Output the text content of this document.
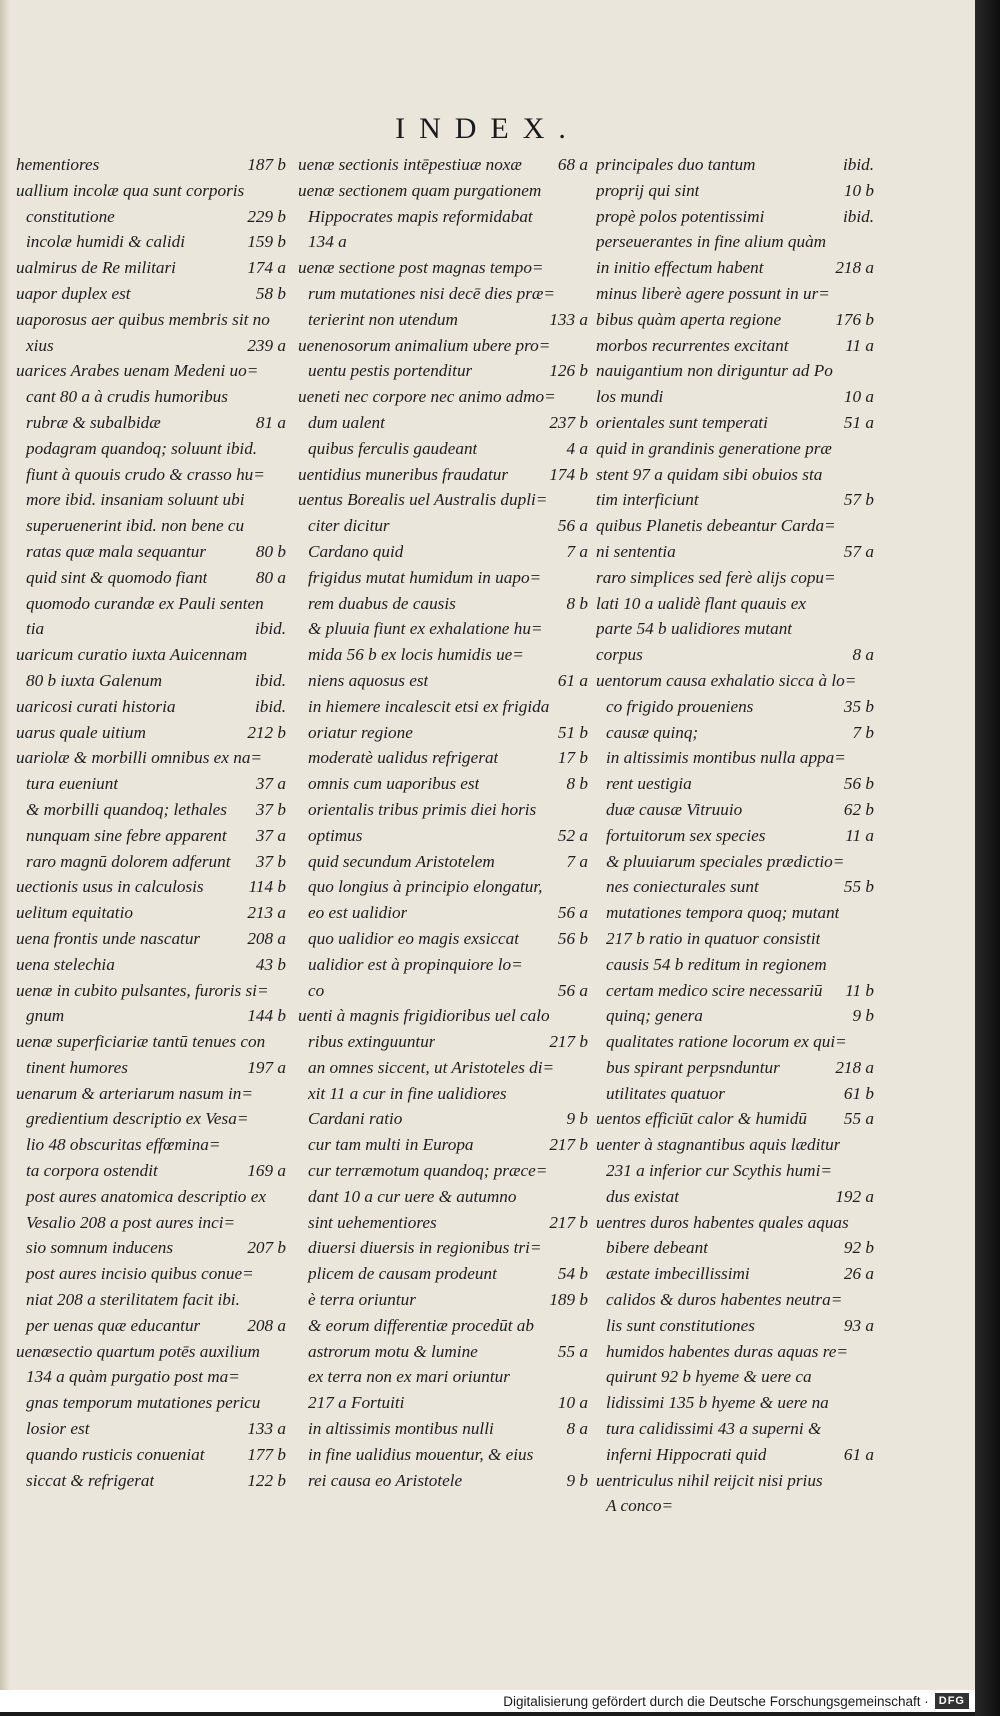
INDEX.
hementiores	187 b
uallium incolæ qua sunt corporis
constitutione	229 b
incolæ humidi & calidi	159 b
ualmirus de Re militari	174 a
uapor duplex est	58 b
uaporosus aer quibus membris sit no
xius	239 a
uarices Arabes uenam Medeni uo=
cant 80 a à crudis humoribus
rubræ & subalbidæ	81 a
podagram quandoq; soluunt ibid.
fiunt à quouis crudo & crasso hu=
more ibid. insaniam soluunt ubi
superuenerint ibid. non bene cu
ratas quæ mala sequantur	80 b
quid sint & quomodo fiant	80 a
quomodo curandæ ex Pauli senten
tia	ibid.
uaricum curatio iuxta Auicennam
80 b iuxta Galenum	ibid.
uaricosi curati historia	ibid.
uarus quale uitium	212 b
uariolæ & morbilli omnibus ex na=
tura eueniunt	37 a
& morbilli quandoq; lethales	37 b
nunquam sine febre apparent	37 a
raro magnū dolorem adferunt	37 b
uectionis usus in calculosis	114 b
uelitum equitatio	213 a
uena frontis unde nascatur	208 a
uena stelechia	43 b
uenæ in cubito pulsantes, furoris si=
gnum	144 b
uenæ superficiariæ tantū tenues con
tinent humores	197 a
uenarum & arteriarum nasum in=
gredientium descriptio ex Vesa=
lio 48 obscuritas effœmina=
ta corpora ostendit	169 a
post aures anatomica descriptio ex
Vesalio 208 a post aures inci=
sio somnum inducens	207 b
post aures incisio quibus conue=
niat 208 a sterilitatem facit ibi.
per uenas quæ educantur	208 a
uenæsectio quartum potēs auxilium
134 a quàm purgatio post ma=
gnas temporum mutationes pericu
losior est	133 a
quando rusticis conueniat	177 b
siccat & refrigerat	122 b
uenæ sectionis intēpestiuæ noxæ	68 a
uenæ sectionem quam purgationem
Hippocrates mapis reformidabat
134 a
uenæ sectione post magnas tempo=
rum mutationes nisi decē dies præ=
terierint non utendum	133 a
uenenosorum animalium ubere pro=
uentu pestis portenditur	126 b
ueneti nec corpore nec animo admo=
dum ualent	237 b
quibus ferculis gaudeant	4 a
uentidius muneribus fraudatur	174 b
uentus Borealis uel Australis dupli=
citer dicitur	56 a
Cardano quid	7 a
frigidus mutat humidum in uapo=
rem duabus de causis	8 b
& pluuia fiunt ex exhalatione hu=
mida 56 b ex locis humidis ue=
niens aquosus est	61 a
in hiemere incalescit etsi ex frigida
oriatur regione	51 b
moderatè ualidus refrigerat	17 b
omnis cum uaporibus est	8 b
orientalis tribus primis diei horis
optimus	52 a
quid secundum Aristotelem	7 a
quo longius à principio elongatur,
eo est ualidior	56 a
quo ualidior eo magis exsiccat	56 b
ualidior est à propinquiore lo=
co	56 a
uenti à magnis frigidioribus uel calo
ribus extinguuntur	217 b
an omnes siccent, ut Aristoteles di=
xit 11 a cur in fine ualidiores
Cardani ratio	9 b
cur tam multi in Europa	217 b
cur terræmotum quandoq; præce=
dant 10 a cur uere & autumno
sint uehementiores	217 b
diuersi diuersis in regionibus tri=
plicem de causam prodeunt	54 b
è terra oriuntur	189 b
& eorum differentiæ procedūt ab
astrorum motu & lumine	55 a
ex terra non ex mari oriuntur
217 a Fortuiti	10 a
in altissimis montibus nulli	8 a
in fine ualidius mouentur, & eius
rei causa eo Aristotele	9 b
principales duo tantum	ibid.
proprij qui sint	10 b
propè polos potentissimi	ibid.
perseuerantes in fine alium quàm
in initio effectum habent	218 a
minus liberè agere possunt in ur=
bibus quàm aperta regione	176 b
morbos recurrentes excitant	11 a
nauigantium non diriguntur ad Po
los mundi	10 a
orientales sunt temperati	51 a
quid in grandinis generatione præ
stent 97 a quidam sibi obuios sta
tim interficiunt	57 b
quibus Planetis debeantur Carda=
ni sententia	57 a
raro simplices sed ferè alijs copu=
lati 10 a ualidè flant quauis ex
parte 54 b ualidiores mutant
corpus	8 a
uentorum causa exhalatio sicca à lo=
co frigido proueniens	35 b
causæ quinq;	7 b
in altissimis montibus nulla appa=
rent uestigia	56 b
duæ causæ Vitruuio	62 b
fortuitorum sex species	11 a
& pluuiarum speciales prædictio=
nes coniecturales sunt	55 b
mutationes tempora quoq; mutant
217 b ratio in quatuor consistit
causis 54 b reditum in regionem
certam medico scire necessariū	11 b
quinq; genera	9 b
qualitates ratione locorum ex qui=
bus spirant perpsnduntur	218 a
utilitates quatuor	61 b
uentos efficiūt calor & humidū	55 a
uenter à stagnantibus aquis læditur
231 a inferior cur Scythis humi=
dus existat	192 a
uentres duros habentes quales aquas
bibere debeant	92 b
æstate imbecillissimi	26 a
calidos & duros habentes neutra=
lis sunt constitutiones	93 a
humidos habentes duras aquas re=
quirunt 92 b hyeme & uere ca
lidissimi 135 b hyeme & uere na
tura calidissimi 43 a superni &
inferni Hippocrati quid	61 a
uentriculus nihil reijcit nisi prius
A conco=
Digitalisierung gefördert durch die Deutsche Forschungsgemeinschaft · DFG
